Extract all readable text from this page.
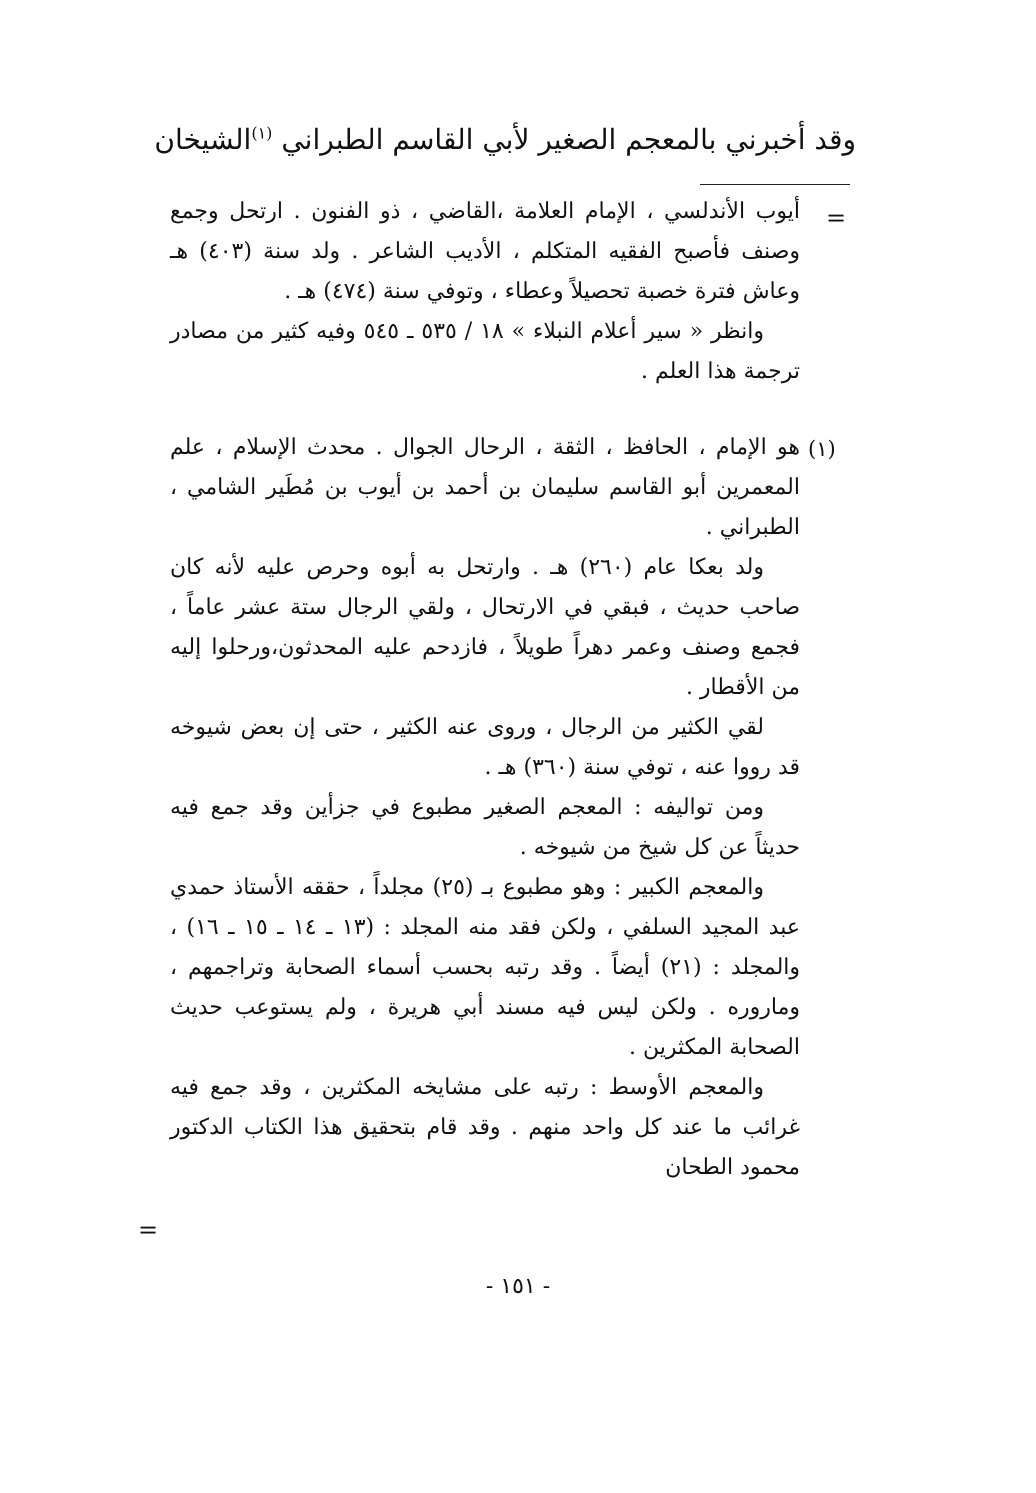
وقد أخبرني بالمعجم الصغير لأبي القاسم الطبراني $^{(١)}$الشيخان
=

أيوب الأندلسي ، الإمام العلامة ،القاضي ، ذو الفنون . ارتحل وجمع وصنف فأصبح الفقيه المتكلم ، الأديب الشاعر . ولد سنة (٤٠٣) هـ وعاش فترة خصبة تحصيلاً وعطاء ، وتوفي سنة (٤٧٤) هـ .

وانظر « سير أعلام النبلاء » ١٨ / ٥٣٥ ـ ٥٤٥ وفيه كثير من مصادر ترجمة هذا العلم .

(١)

هو الإمام ، الحافظ ، الثقة ، الرحال الجوال . محدث الإسلام ، علم المعمرين أبو القاسم سليمان بن أحمد بن أيوب بن مُطَير الشامي ، الطبراني .

ولد بعكا عام (٢٦٠) هـ . وارتحل به أبوه وحرص عليه لأنه كان صاحب حديث ، فبقي في الارتحال ، ولقي الرجال ستة عشر عاماً ، فجمع وصنف وعمر دهراً طويلاً ، فازدحم عليه المحدثون،ورحلوا إليه من الأقطار .

لقي الكثير من الرجال ، وروى عنه الكثير ، حتى إن بعض شيوخه قد رووا عنه ، توفي سنة (٣٦٠) هـ .

ومن تواليفه : المعجم الصغير مطبوع في جزأين وقد جمع فيه حديثاً عن كل شيخ من شيوخه .

والمعجم الكبير : وهو مطبوع بـ (٢٥) مجلداً ، حققه الأستاذ حمدي عبد المجيد السلفي ، ولكن فقد منه المجلد : (١٣ ـ ١٤ ـ ١٥ ـ ١٦) ، والمجلد : (٢١) أيضاً . وقد رتبه بحسب أسماء الصحابة وتراجمهم ، وماروره . ولكن ليس فيه مسند أبي هريرة ، ولم يستوعب حديث الصحابة المكثرين .

والمعجم الأوسط : رتبه على مشايخه المكثرين ، وقد جمع فيه غرائب ما عند كل واحد منهم . وقد قام بتحقيق هذا الكتاب الدكتور محمود الطحان

=
- ١٥١ -
